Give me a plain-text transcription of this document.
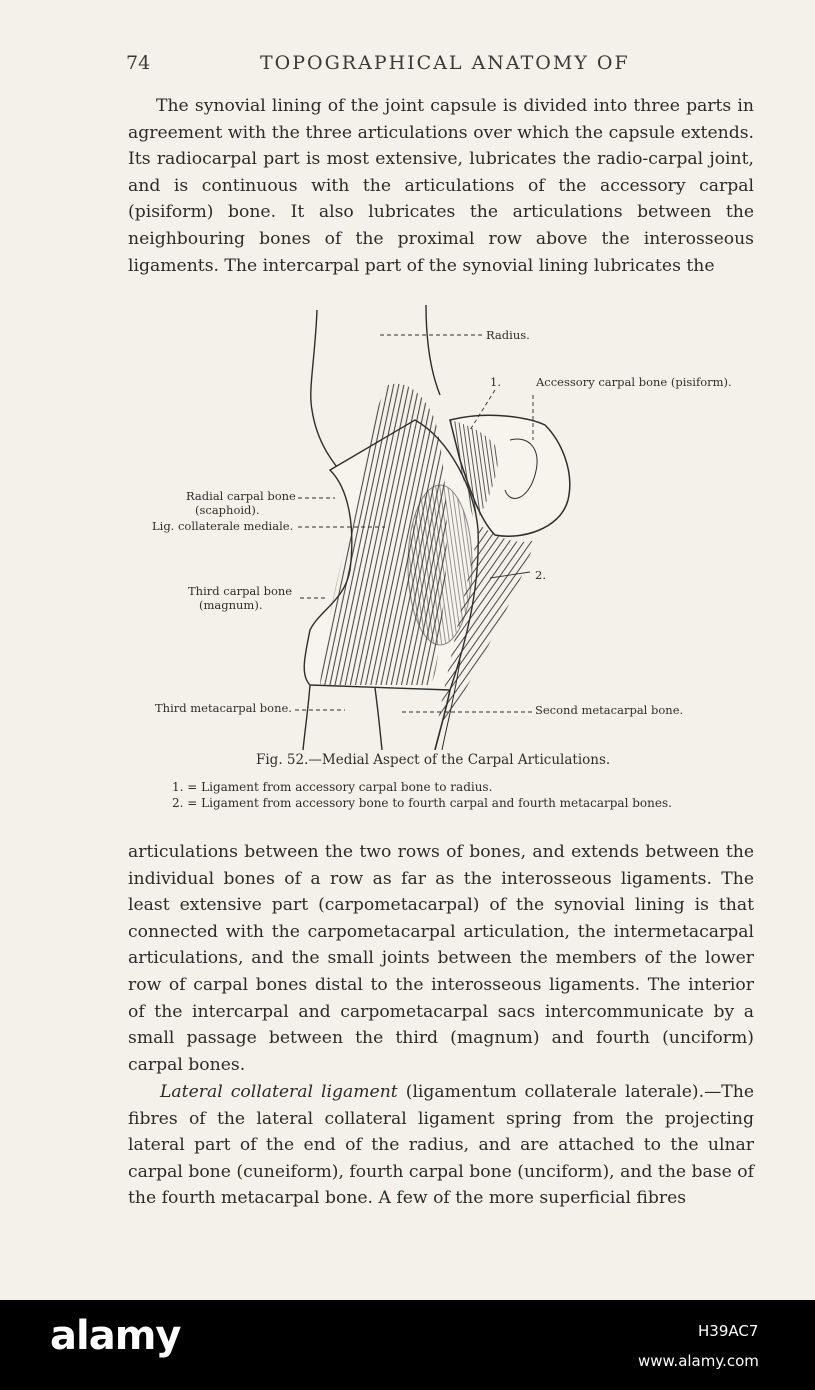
74	TOPOGRAPHICAL ANATOMY OF

The synovial lining of the joint capsule is divided into three parts in agreement with the three articulations over which the capsule extends. Its radiocarpal part is most extensive, lubricates the radio-carpal joint, and is continuous with the articulations of the accessory carpal (pisiform) bone. It also lubricates the articulations between the neighbouring bones of the proximal row above the interosseous ligaments. The intercarpal part of the synovial lining lubricates the

Radius.
1.	Accessory carpal bone (pisiform).
Radial carpal bone
(scaphoid).
Lig. collaterale mediale.
2.
Third carpal bone
(magnum).
Third metacarpal bone.	Second metacarpal bone.
Fig. 52.—Medial Aspect of the Carpal Articulations.
1. = Ligament from accessory carpal bone to radius.
2. = Ligament from accessory bone to fourth carpal and fourth metacarpal bones.

articulations between the two rows of bones, and extends between the individual bones of a row as far as the interosseous ligaments. The least extensive part (carpometacarpal) of the synovial lining is that connected with the carpometacarpal articulation, the intermetacarpal articulations, and the small joints between the members of the lower row of carpal bones distal to the interosseous ligaments. The interior of the intercarpal and carpometacarpal sacs intercommunicate by a small passage between the third (magnum) and fourth (unciform) carpal bones.

Lateral collateral ligament (ligamentum collaterale laterale).—The fibres of the lateral collateral ligament spring from the projecting lateral part of the end of the radius, and are attached to the ulnar carpal bone (cuneiform), fourth carpal bone (unciform), and the base of the fourth metacarpal bone. A few of the more superficial fibres

alamy	H39AC7
www.alamy.com
